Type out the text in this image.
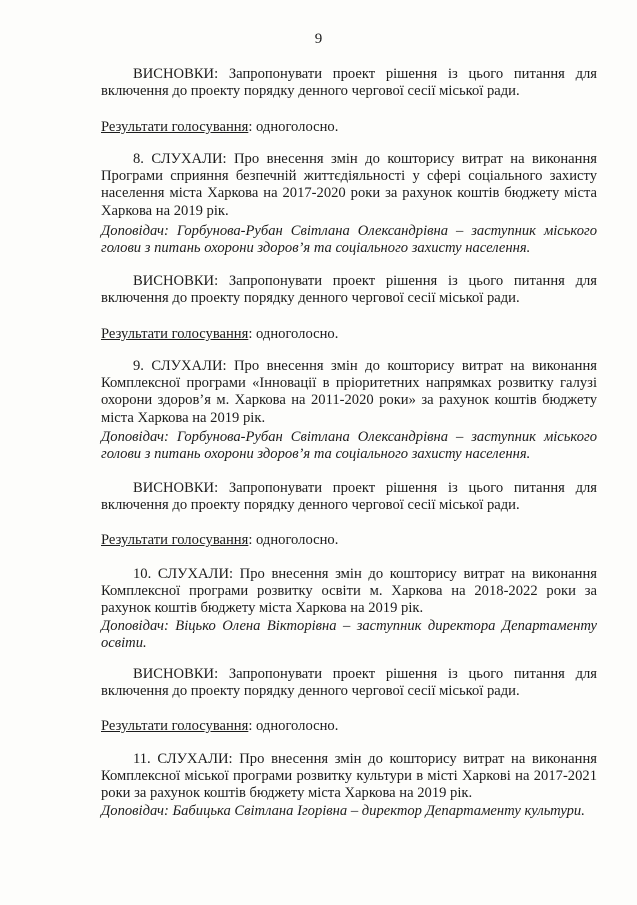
9

ВИСНОВКИ: Запропонувати проект рішення із цього питання для включення до проекту порядку денного чергової сесії міської ради.

Результати голосування: одноголосно.

8. СЛУХАЛИ: Про внесення змін до кошторису витрат на виконання Програми сприяння безпечній життєдіяльності у сфері соціального захисту населення міста Харкова на 2017-2020 роки за рахунок коштів бюджету міста Харкова на 2019 рік.

Доповідач: Горбунова-Рубан Світлана Олександрівна – заступник міського голови з питань охорони здоров’я та соціального захисту населення.

ВИСНОВКИ: Запропонувати проект рішення із цього питання для включення до проекту порядку денного чергової сесії міської ради.

Результати голосування: одноголосно.

9. СЛУХАЛИ: Про внесення змін до кошторису витрат на виконання Комплексної програми «Інновації в пріоритетних напрямках розвитку галузі охорони здоров’я м. Харкова на 2011-2020 роки» за рахунок коштів бюджету міста Харкова на 2019 рік.

Доповідач: Горбунова-Рубан Світлана Олександрівна – заступник міського голови з питань охорони здоров’я та соціального захисту населення.

ВИСНОВКИ: Запропонувати проект рішення із цього питання для включення до проекту порядку денного чергової сесії міської ради.

Результати голосування: одноголосно.

10. СЛУХАЛИ: Про внесення змін до кошторису витрат на виконання Комплексної програми розвитку освіти м. Харкова на 2018-2022 роки за рахунок коштів бюджету міста Харкова на 2019 рік.

Доповідач: Віцько Олена Вікторівна – заступник директора Департаменту освіти.

ВИСНОВКИ: Запропонувати проект рішення із цього питання для включення до проекту порядку денного чергової сесії міської ради.

Результати голосування: одноголосно.

11. СЛУХАЛИ: Про внесення змін до кошторису витрат на виконання Комплексної міської програми розвитку культури в місті Харкові на 2017-2021 роки за рахунок коштів бюджету міста Харкова на 2019 рік.

Доповідач: Бабицька Світлана Ігорівна – директор Департаменту культури.
